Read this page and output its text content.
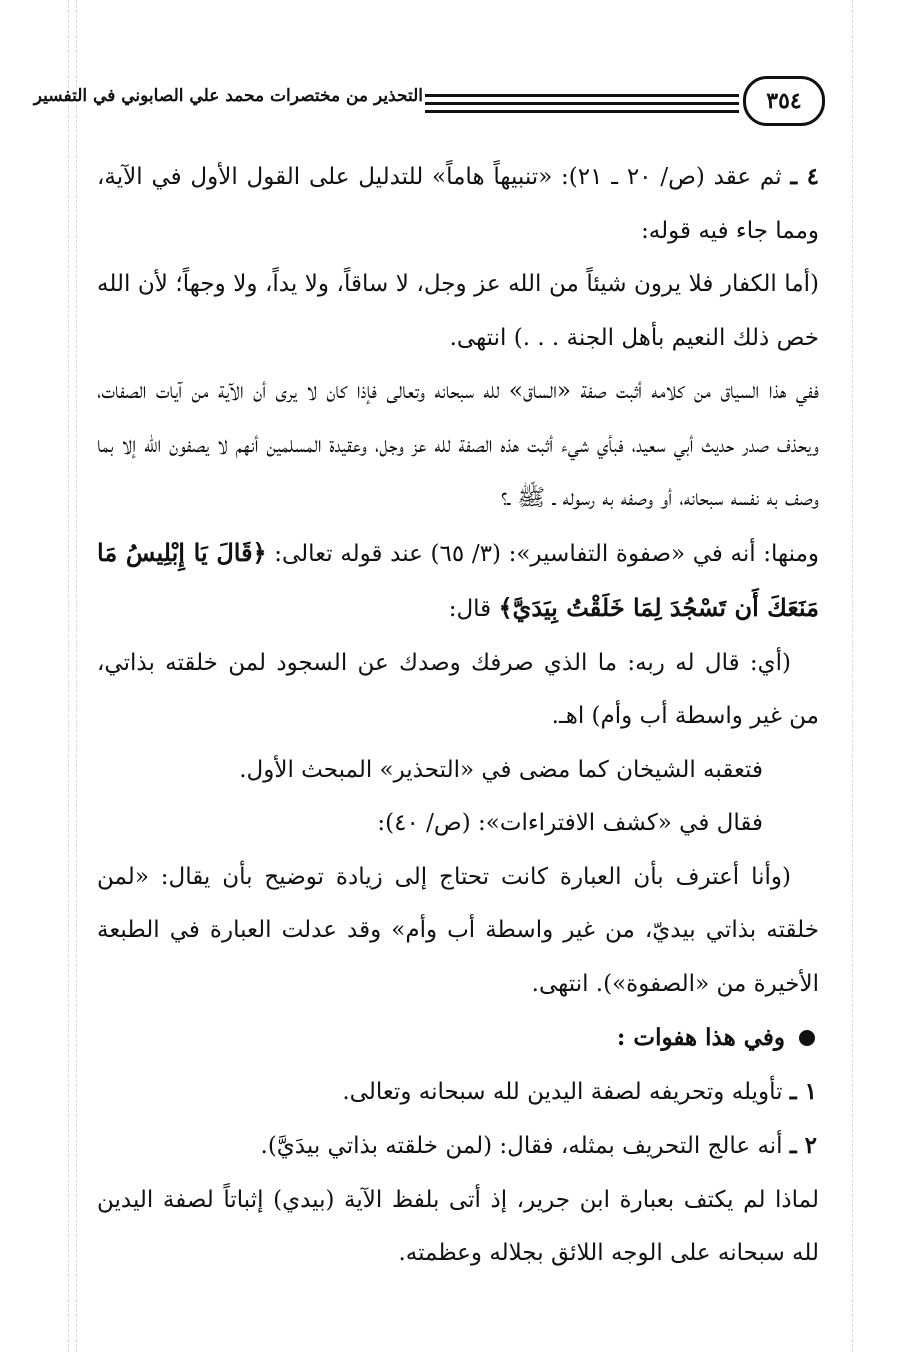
٣٥٤
التحذير من مختصرات محمد علي الصابوني في التفسير

٤ ـ ثم عقد (ص/ ٢٠ ـ ٢١): «تنبيهاً هاماً» للتدليل على القول الأول في الآية، ومما جاء فيه قوله:

(أما الكفار فلا يرون شيئاً من الله عز وجل، لا ساقاً، ولا يداً، ولا وجهاً؛ لأن الله خص ذلك النعيم بأهل الجنة . . .) انتهى.

ففي هذا السياق من كلامه أثبت صفة «الساق» لله سبحانه وتعالى فإذا كان لا يرى أن الآية من آيات الصفات، ويحذف صدر حديث أبي سعيد، فبأي شيء أثبت هذه الصفة لله عز وجل، وعقيدة المسلمين أنهم لا يصفون الله إلا بما وصف به نفسه سبحانه، أو وصفه به رسوله ـ ﷺ ـ؟

ومنها: أنه في «صفوة التفاسير»: (٣/ ٦٥) عند قوله تعالى: ﴿قَالَ يَا إِبْلِيسُ مَا مَنَعَكَ أَن تَسْجُدَ لِمَا خَلَقْتُ بِيَدَيَّ﴾ قال:

(أي: قال له ربه: ما الذي صرفك وصدك عن السجود لمن خلقته بذاتي، من غير واسطة أب وأم) اهـ.

فتعقبه الشيخان كما مضى في «التحذير» المبحث الأول.

فقال في «كشف الافتراءات»: (ص/ ٤٠):

(وأنا أعترف بأن العبارة كانت تحتاج إلى زيادة توضيح بأن يقال: «لمن خلقته بذاتي بيديّ، من غير واسطة أب وأم» وقد عدلت العبارة في الطبعة الأخيرة من «الصفوة»). انتهى.

وفي هذا هفوات :

١ ـ تأويله وتحريفه لصفة اليدين لله سبحانه وتعالى.

٢ ـ أنه عالج التحريف بمثله، فقال: (لمن خلقته بذاتي بيدَيَّ).

لماذا لم يكتف بعبارة ابن جرير، إذ أتى بلفظ الآية (بيدي) إثباتاً لصفة اليدين لله سبحانه على الوجه اللائق بجلاله وعظمته.
